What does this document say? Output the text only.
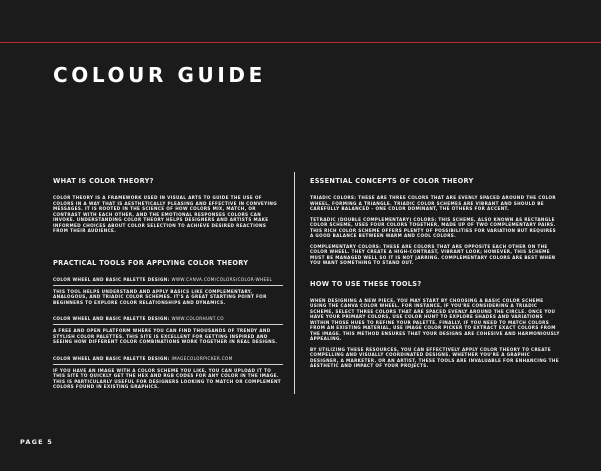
COLOUR GUIDE
WHAT IS COLOR THEORY?

COLOR THEORY IS A FRAMEWORK USED IN VISUAL ARTS TO GUIDE THE USE OF COLORS IN A WAY THAT IS AESTHETICALLY PLEASING AND EFFECTIVE IN CONVEYING MESSAGES. IT IS ROOTED IN THE SCIENCE OF HOW COLORS MIX, MATCH, OR CONTRAST WITH EACH OTHER, AND THE EMOTIONAL RESPONSES COLORS CAN INVOKE. UNDERSTANDING COLOR THEORY HELPS DESIGNERS AND ARTISTS MAKE INFORMED CHOICES ABOUT COLOR SELECTION TO ACHIEVE DESIRED REACTIONS FROM THEIR AUDIENCE.

PRACTICAL TOOLS FOR APPLYING COLOR THEORY
COLOR WHEEL AND BASIC PALETTE DESIGN: WWW.CANVA.COM/COLORS/COLOR-WHEEL

THIS TOOL HELPS UNDERSTAND AND APPLY BASICS LIKE COMPLEMENTARY, ANALOGOUS, AND TRIADIC COLOR SCHEMES. IT'S A GREAT STARTING POINT FOR BEGINNERS TO EXPLORE COLOR RELATIONSHIPS AND DYNAMICS.

COLOR WHEEL AND BASIC PALETTE DESIGN: WWW.COLORHUNT.CO

A FREE AND OPEN PLATFORM WHERE YOU CAN FIND THOUSANDS OF TRENDY AND STYLISH COLOR PALETTES. THIS SITE IS EXCELLENT FOR GETTING INSPIRED AND SEEING HOW DIFFERENT COLOR COMBINATIONS WORK TOGETHER IN REAL DESIGNS.

COLOR WHEEL AND BASIC PALETTE DESIGN: IMAGECOLORPICKER.COM

IF YOU HAVE AN IMAGE WITH A COLOR SCHEME YOU LIKE, YOU CAN UPLOAD IT TO THIS SITE TO QUICKLY GET THE HEX AND RGB CODES FOR ANY COLOR IN THE IMAGE. THIS IS PARTICULARLY USEFUL FOR DESIGNERS LOOKING TO MATCH OR COMPLEMENT COLORS FOUND IN EXISTING GRAPHICS.

ESSENTIAL CONCEPTS OF COLOR THEORY

TRIADIC COLORS: THESE ARE THREE COLORS THAT ARE EVENLY SPACED AROUND THE COLOR WHEEL, FORMING A TRIANGLE. TRIADIC COLOR SCHEMES ARE VIBRANT AND SHOULD BE CAREFULLY BALANCED – ONE COLOR DOMINANT, THE OTHERS FOR ACCENT.

TETRADIC (DOUBLE COMPLEMENTARY) COLORS: THIS SCHEME, ALSO KNOWN AS RECTANGLE COLOR SCHEME, USES FOUR COLORS TOGETHER, MADE UP OF TWO COMPLEMENTARY PAIRS. THIS RICH COLOR SCHEME OFFERS PLENTY OF POSSIBILITIES FOR VARIATION BUT REQUIRES A GOOD BALANCE BETWEEN WARM AND COOL COLORS.

COMPLEMENTARY COLORS: THESE ARE COLORS THAT ARE OPPOSITE EACH OTHER ON THE COLOR WHEEL. THEY CREATE A HIGH-CONTRAST, VIBRANT LOOK; HOWEVER, THIS SCHEME MUST BE MANAGED WELL SO IT IS NOT JARRING. COMPLEMENTARY COLORS ARE BEST WHEN YOU WANT SOMETHING TO STAND OUT.

HOW TO USE THESE TOOLS?

WHEN DESIGNING A NEW PIECE, YOU MAY START BY CHOOSING A BASIC COLOR SCHEME USING THE CANVA COLOR WHEEL. FOR INSTANCE, IF YOU'RE CONSIDERING A TRIADIC SCHEME, SELECT THREE COLORS THAT ARE SPACED EVENLY AROUND THE CIRCLE. ONCE YOU HAVE YOUR PRIMARY COLORS, USE COLOR HUNT TO EXPLORE SHADES AND VARIATIONS WITHIN THOSE HUES TO REFINE YOUR PALETTE. FINALLY, IF YOU NEED TO MATCH COLORS FROM AN EXISTING MATERIAL, USE IMAGE COLOR PICKER TO EXTRACT EXACT COLORS FROM THE IMAGE. THIS METHOD ENSURES THAT YOUR DESIGNS ARE COHESIVE AND HARMONIOUSLY APPEALING.

BY UTILIZING THESE RESOURCES, YOU CAN EFFECTIVELY APPLY COLOR THEORY TO CREATE COMPELLING AND VISUALLY COORDINATED DESIGNS. WHETHER YOU'RE A GRAPHIC DESIGNER, A MARKETER, OR AN ARTIST, THESE TOOLS ARE INVALUABLE FOR ENHANCING THE AESTHETIC AND IMPACT OF YOUR PROJECTS.

PAGE 5
